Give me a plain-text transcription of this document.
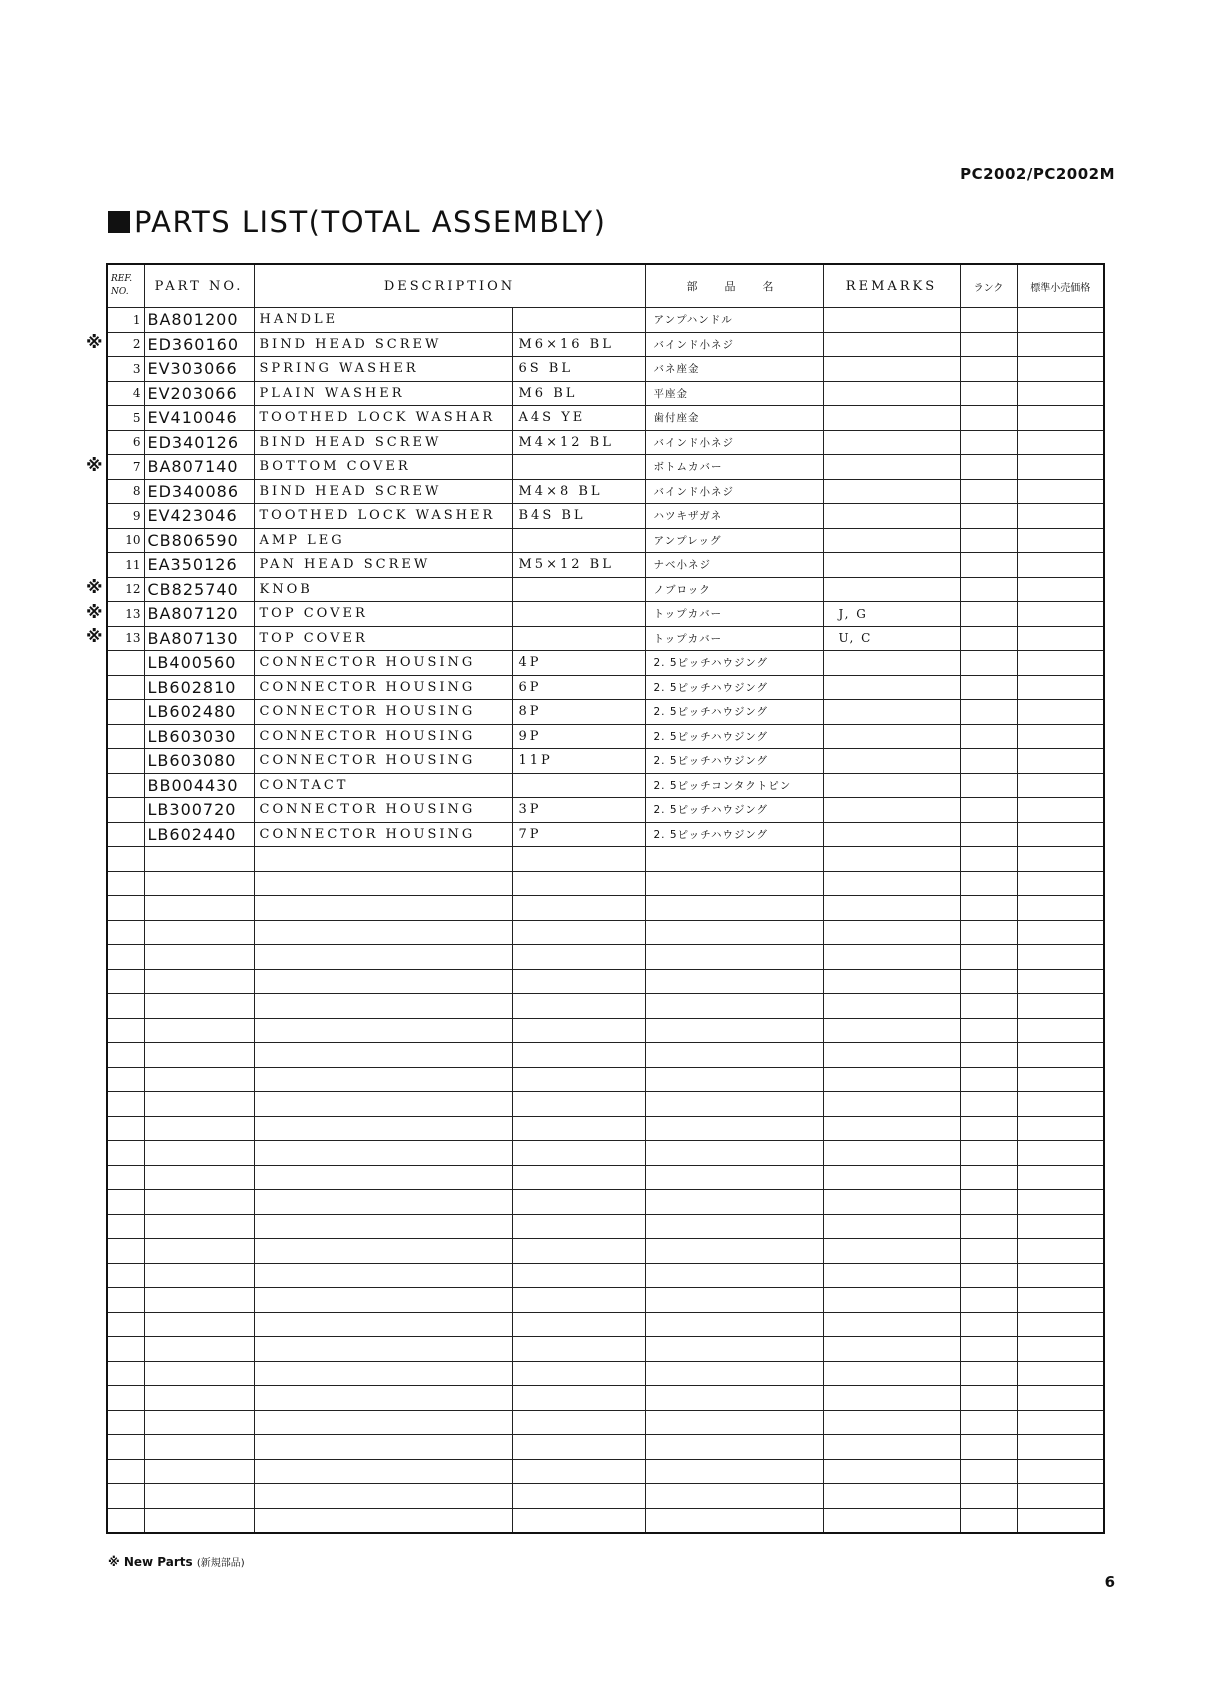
PC2002/PC2002M
PARTS LIST(TOTAL ASSEMBLY)
REF.
NO.	PART NO.	DESCRIPTION		部　品　名	REMARKS	ランク	標準小売価格
1	BA801200	HANDLE		アンプハンドル			
2	ED360160	BIND HEAD SCREW	M6×16 BL	バインド小ネジ			
3	EV303066	SPRING WASHER	6S BL	バネ座金			
4	EV203066	PLAIN WASHER	M6 BL	平座金			
5	EV410046	TOOTHED LOCK WASHAR	A4S YE	歯付座金			
6	ED340126	BIND HEAD SCREW	M4×12 BL	バインド小ネジ			
7	BA807140	BOTTOM COVER		ボトムカバー			
8	ED340086	BIND HEAD SCREW	M4×8 BL	バインド小ネジ			
9	EV423046	TOOTHED LOCK WASHER	B4S BL	ハツキザガネ			
10	CB806590	AMP LEG		アンプレッグ			
11	EA350126	PAN HEAD SCREW	M5×12 BL	ナベ小ネジ			
12	CB825740	KNOB		ノブロック			
13	BA807120	TOP COVER		トップカバー	J, G		
13	BA807130	TOP COVER		トップカバー	U, C		
	LB400560	CONNECTOR HOUSING	4P	2. 5ピッチハウジング			
	LB602810	CONNECTOR HOUSING	6P	2. 5ピッチハウジング			
	LB602480	CONNECTOR HOUSING	8P	2. 5ピッチハウジング			
	LB603030	CONNECTOR HOUSING	9P	2. 5ピッチハウジング			
	LB603080	CONNECTOR HOUSING	11P	2. 5ピッチハウジング			
	BB004430	CONTACT		2. 5ピッチコンタクトピン			
	LB300720	CONNECTOR HOUSING	3P	2. 5ピッチハウジング			
	LB602440	CONNECTOR HOUSING	7P	2. 5ピッチハウジング			

※
※
※
※
※
※ New Parts (新規部品)
6
